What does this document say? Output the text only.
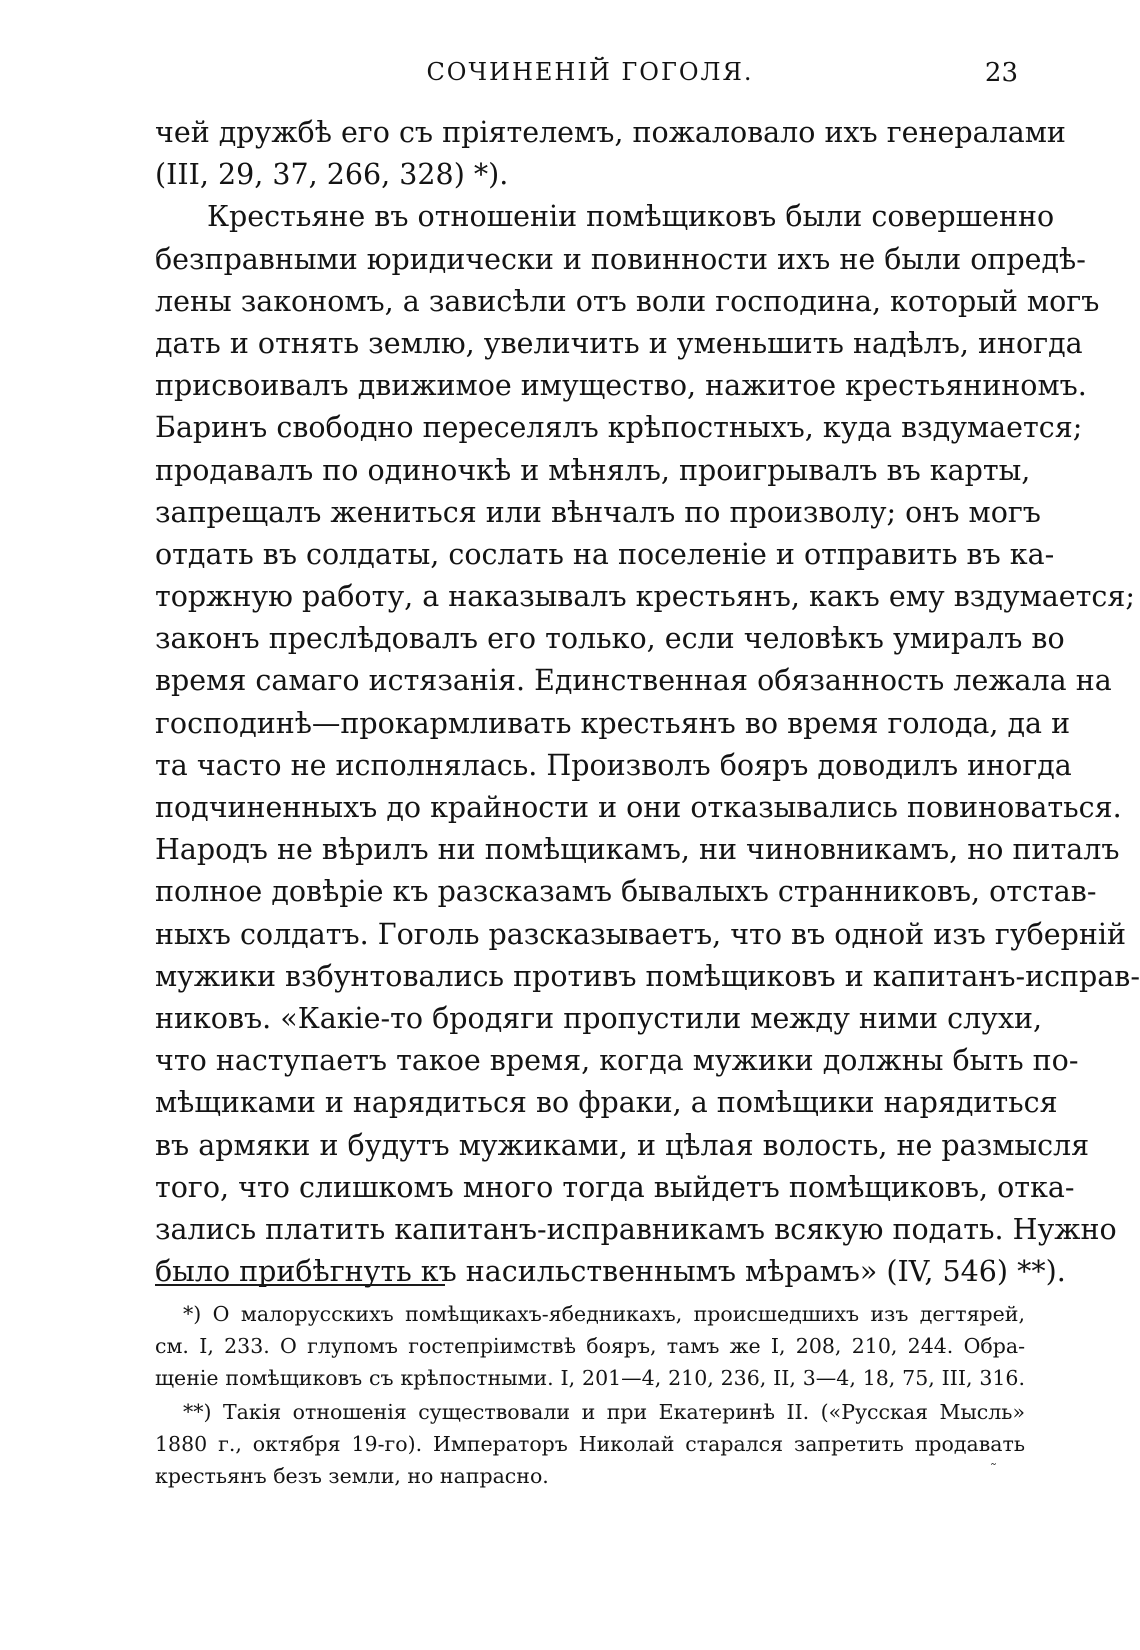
СОЧИНЕНІЙ ГОГОЛЯ.	23
чей дружбѣ его съ пріятелемъ, пожаловало ихъ генералами
(III, 29, 37, 266, 328) *).
Крестьяне въ отношеніи помѣщиковъ были совершенно
безправными юридически и повинности ихъ не были опредѣ-
лены закономъ, а зависѣли отъ воли господина, который могъ
дать и отнять землю, увеличить и уменьшить надѣлъ, иногда
присвоивалъ движимое имущество, нажитое крестьяниномъ.
Баринъ свободно переселялъ крѣпостныхъ, куда вздумается;
продавалъ по одиночкѣ и мѣнялъ, проигрывалъ въ карты,
запрещалъ жениться или вѣнчалъ по произволу; онъ могъ
отдать въ солдаты, сослать на поселеніе и отправить въ ка-
торжную работу, а наказывалъ крестьянъ, какъ ему вздумается;
законъ преслѣдовалъ его только, если человѣкъ умиралъ во
время самаго истязанія. Единственная обязанность лежала на
господинѣ—прокармливать крестьянъ во время голода, да и
та часто не исполнялась. Произволъ бояръ доводилъ иногда
подчиненныхъ до крайности и они отказывались повиноваться.
Народъ не вѣрилъ ни помѣщикамъ, ни чиновникамъ, но питалъ
полное довѣріе къ разсказамъ бывалыхъ странниковъ, отстав-
ныхъ солдатъ. Гоголь разсказываетъ, что въ одной изъ губерній
мужики взбунтовались противъ помѣщиковъ и капитанъ-исправ-
никовъ. «Какіе-то бродяги пропустили между ними слухи,
что наступаетъ такое время, когда мужики должны быть по-
мѣщиками и нарядиться во фраки, а помѣщики нарядиться
въ армяки и будутъ мужиками, и цѣлая волость, не размысля
того, что слишкомъ много тогда выйдетъ помѣщиковъ, отка-
зались платить капитанъ-исправникамъ всякую подать. Нужно
было прибѣгнуть къ насильственнымъ мѣрамъ» (IV, 546) **).
*) О малорусскихъ помѣщикахъ-ябедникахъ, происшедшихъ изъ дегтярей,
см. I, 233. О глупомъ гостепріимствѣ бояръ, тамъ же I, 208, 210, 244. Обра-
щеніе помѣщиковъ съ крѣпостными. I, 201—4, 210, 236, II, 3—4, 18, 75, III, 316.
**) Такія отношенія существовали и при Екатеринѣ II. («Русская Мысль»
1880 г., октября 19-го). Императоръ Николай старался запретить продавать
крестьянъ безъ земли, но напрасно.	˜
